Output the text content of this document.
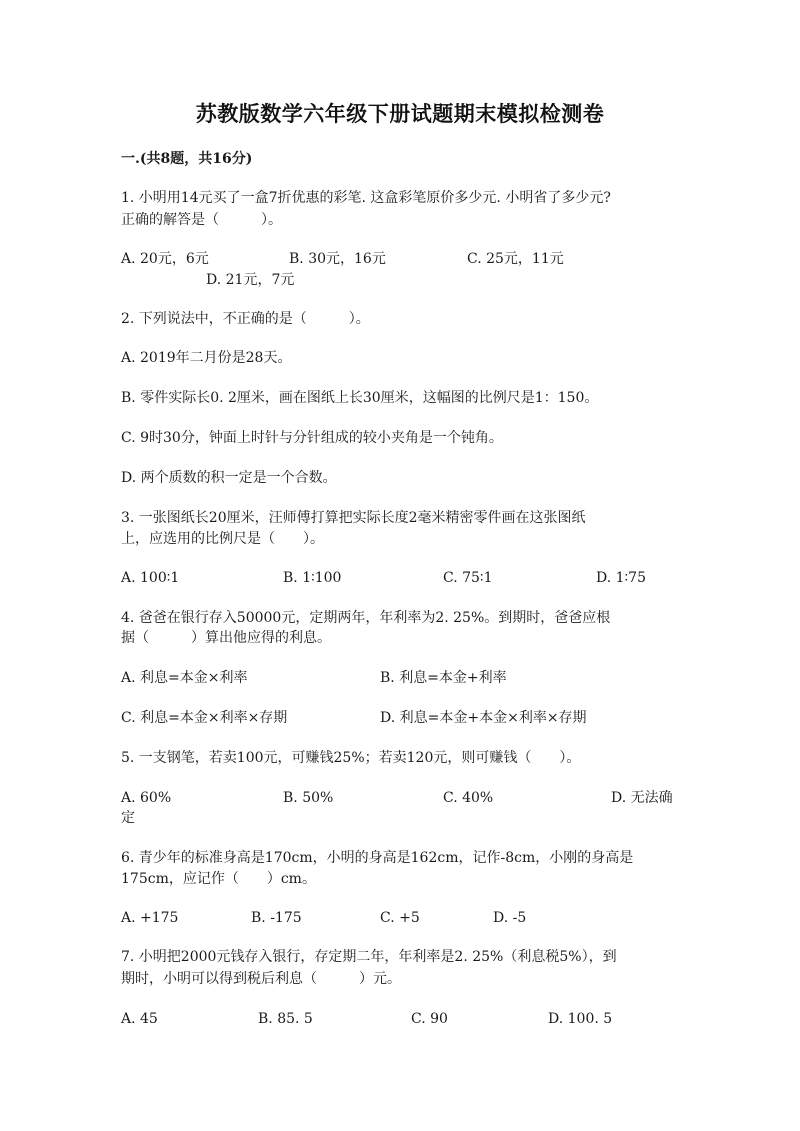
苏教版数学六年级下册试题期末模拟检测卷
一.(共8题，共16分)
1. 小明用14元买了一盒7折优惠的彩笔. 这盒彩笔原价多少元. 小明省了多少元?
正确的解答是（　　　）。
A. 20元，6元	B. 30元，16元	C. 25元，11元
D. 21元，7元
2. 下列说法中，不正确的是（　　　）。
A. 2019年二月份是28天。
B. 零件实际长0. 2厘米，画在图纸上长30厘米，这幅图的比例尺是1：150。
C. 9时30分，钟面上时针与分针组成的较小夹角是一个钝角。
D. 两个质数的积一定是一个合数。
3. 一张图纸长20厘米，汪师傅打算把实际长度2毫米精密零件画在这张图纸
上，应选用的比例尺是（　　）。
A. 100∶1	B. 1∶100	C. 75∶1	D. 1∶75
4. 爸爸在银行存入50000元，定期两年，年利率为2. 25%。到期时，爸爸应根
据（　　　）算出他应得的利息。
A. 利息=本金×利率	B. 利息=本金+利率
C. 利息=本金×利率×存期	D. 利息=本金+本金×利率×存期
5. 一支钢笔，若卖100元，可赚钱25%；若卖120元，则可赚钱（　　）。
A. 60%	B. 50%	C. 40%	D. 无法确
定
6. 青少年的标准身高是170cm，小明的身高是162cm，记作-8cm，小刚的身高是
175cm，应记作（　　）cm。
A. +175	B. -175	C. +5	D. -5
7. 小明把2000元钱存入银行，存定期二年，年利率是2. 25%（利息税5%），到
期时，小明可以得到税后利息（　　　）元。
A. 45	B. 85. 5	C. 90	D. 100. 5
